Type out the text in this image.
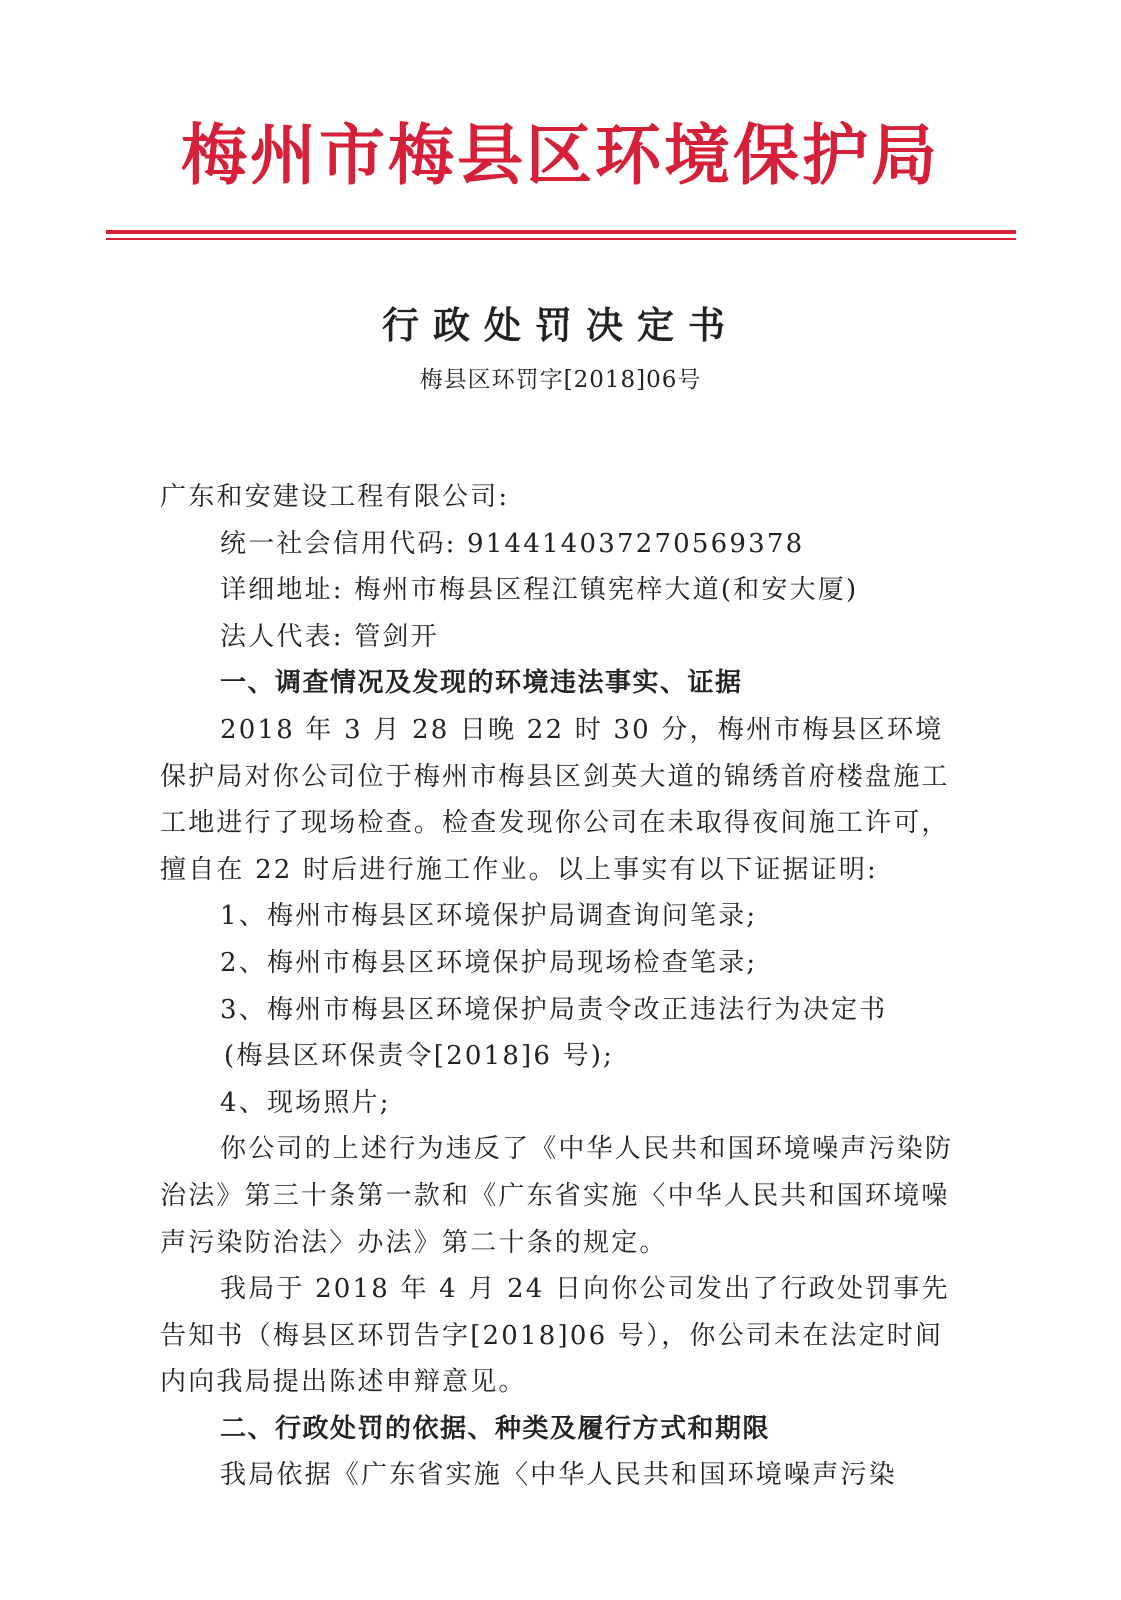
梅州市梅县区环境保护局
行政处罚决定书
梅县区环罚字[2018]06号

广东和安建设工程有限公司:

统一社会信用代码: 9144140372705693​78

详细地址: 梅州市梅县区程江镇宪梓大道(和安大厦)

法人代表: 管剑开

一、调查情况及发现的环境违法事实、证据

2018 年 3 月 28 日晚 22 时 30 分，梅州市梅县区环境保护局对你公司位于梅州市梅县区剑英大道的锦绣首府楼盘施工工地进行了现场检查。检查发现你公司在未取得夜间施工许可，擅自在 22 时后进行施工作业。以上事实有以下证据证明:

1、梅州市梅县区环境保护局调查询问笔录;

2、梅州市梅县区环境保护局现场检查笔录;

3、梅州市梅县区环境保护局责令改正违法行为决定书

(梅县区环保责令[2018]6 号);

4、现场照片;

你公司的上述行为违反了《中华人民共和国环境噪声污染防治法》第三十条第一款和《广东省实施〈中华人民共和国环境噪声污染防治法〉办法》第二十条的规定。

我局于 2018 年 4 月 24 日向你公司发出了行政处罚事先告知书（梅县区环罚告字[2018]06 号），你公司未在法定时间内向我局提出陈述申辩意见。

二、行政处罚的依据、种类及履行方式和期限

我局依据《广东省实施〈中华人民共和国环境噪声污染
